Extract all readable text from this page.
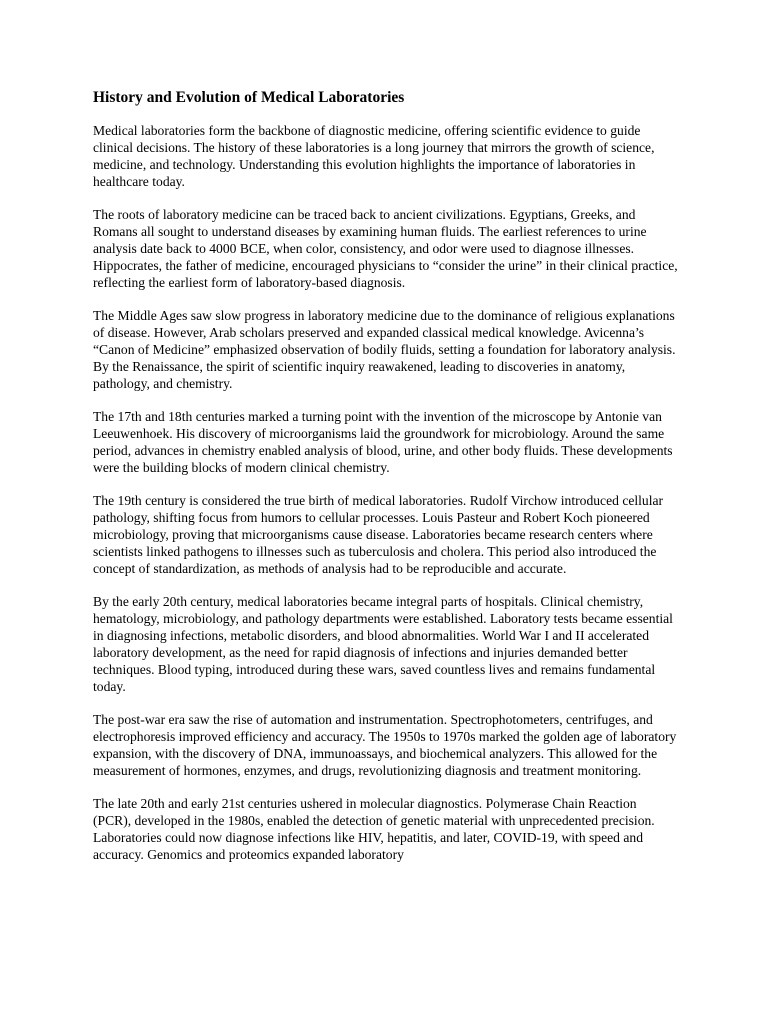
History and Evolution of Medical Laboratories

Medical laboratories form the backbone of diagnostic medicine, offering scientific evidence to guide clinical decisions. The history of these laboratories is a long journey that mirrors the growth of science, medicine, and technology. Understanding this evolution highlights the importance of laboratories in healthcare today.

The roots of laboratory medicine can be traced back to ancient civilizations. Egyptians, Greeks, and Romans all sought to understand diseases by examining human fluids. The earliest references to urine analysis date back to 4000 BCE, when color, consistency, and odor were used to diagnose illnesses. Hippocrates, the father of medicine, encouraged physicians to “consider the urine” in their clinical practice, reflecting the earliest form of laboratory-based diagnosis.

The Middle Ages saw slow progress in laboratory medicine due to the dominance of religious explanations of disease. However, Arab scholars preserved and expanded classical medical knowledge. Avicenna’s “Canon of Medicine” emphasized observation of bodily fluids, setting a foundation for laboratory analysis. By the Renaissance, the spirit of scientific inquiry reawakened, leading to discoveries in anatomy, pathology, and chemistry.

The 17th and 18th centuries marked a turning point with the invention of the microscope by Antonie van Leeuwenhoek. His discovery of microorganisms laid the groundwork for microbiology. Around the same period, advances in chemistry enabled analysis of blood, urine, and other body fluids. These developments were the building blocks of modern clinical chemistry.

The 19th century is considered the true birth of medical laboratories. Rudolf Virchow introduced cellular pathology, shifting focus from humors to cellular processes. Louis Pasteur and Robert Koch pioneered microbiology, proving that microorganisms cause disease. Laboratories became research centers where scientists linked pathogens to illnesses such as tuberculosis and cholera. This period also introduced the concept of standardization, as methods of analysis had to be reproducible and accurate.

By the early 20th century, medical laboratories became integral parts of hospitals. Clinical chemistry, hematology, microbiology, and pathology departments were established. Laboratory tests became essential in diagnosing infections, metabolic disorders, and blood abnormalities. World War I and II accelerated laboratory development, as the need for rapid diagnosis of infections and injuries demanded better techniques. Blood typing, introduced during these wars, saved countless lives and remains fundamental today.

The post-war era saw the rise of automation and instrumentation. Spectrophotometers, centrifuges, and electrophoresis improved efficiency and accuracy. The 1950s to 1970s marked the golden age of laboratory expansion, with the discovery of DNA, immunoassays, and biochemical analyzers. This allowed for the measurement of hormones, enzymes, and drugs, revolutionizing diagnosis and treatment monitoring.

The late 20th and early 21st centuries ushered in molecular diagnostics. Polymerase Chain Reaction (PCR), developed in the 1980s, enabled the detection of genetic material with unprecedented precision. Laboratories could now diagnose infections like HIV, hepatitis, and later, COVID-19, with speed and accuracy. Genomics and proteomics expanded laboratory
